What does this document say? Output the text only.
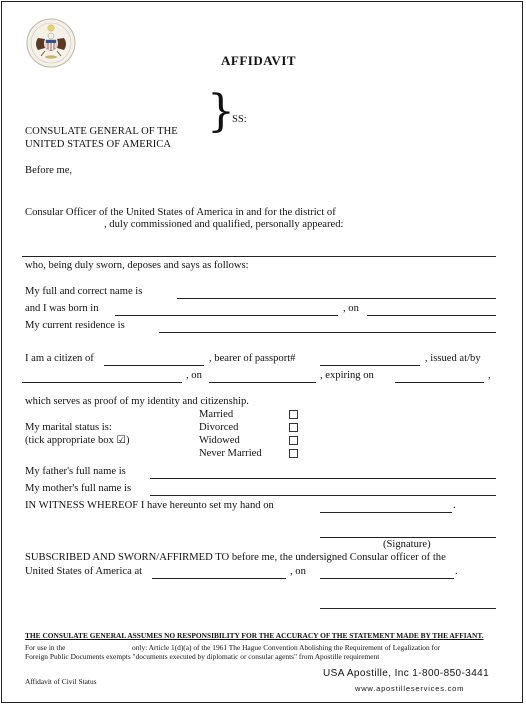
AFFIDAVIT
}
SS:
CONSULATE GENERAL OF THE
UNITED STATES OF AMERICA
Before me,
Consular Officer of the United States of America in and for the district of
, duly commissioned and qualified, personally appeared:
who, being duly sworn, deposes and says as follows:
My full and correct name is
and I was born in	, on
My current residence is
I am a citizen of	, bearer of passport#	, issued at/by
, on	, expiring on	,
which serves as proof of my identity and citizenship.
My marital status is:
(tick appropriate box ☑)
Married
Divorced
Widowed
Never Married
My father's full name is
My mother's full name is
IN WITNESS WHEREOF I have hereunto set my hand on	.
(Signature)
SUBSCRIBED AND SWORN/AFFIRMED TO before me, the undersigned Consular officer of the
United States of America at	, on	.
THE CONSULATE GENERAL ASSUMES NO RESPONSIBILITY FOR THE ACCURACY OF THE STATEMENT MADE BY THE AFFIANT.
For use in the	only: Article 1(d)(a) of the 1961 The Hague Convention Abolishing the Requirement of Legalization for
Foreign Public Documents exempts "documents executed by diplomatic or consular agents" from Apostille requirement
Affidavit of Civil Status
USA Apostille, Inc 1-800-850-3441
www.apostilleservices.com
